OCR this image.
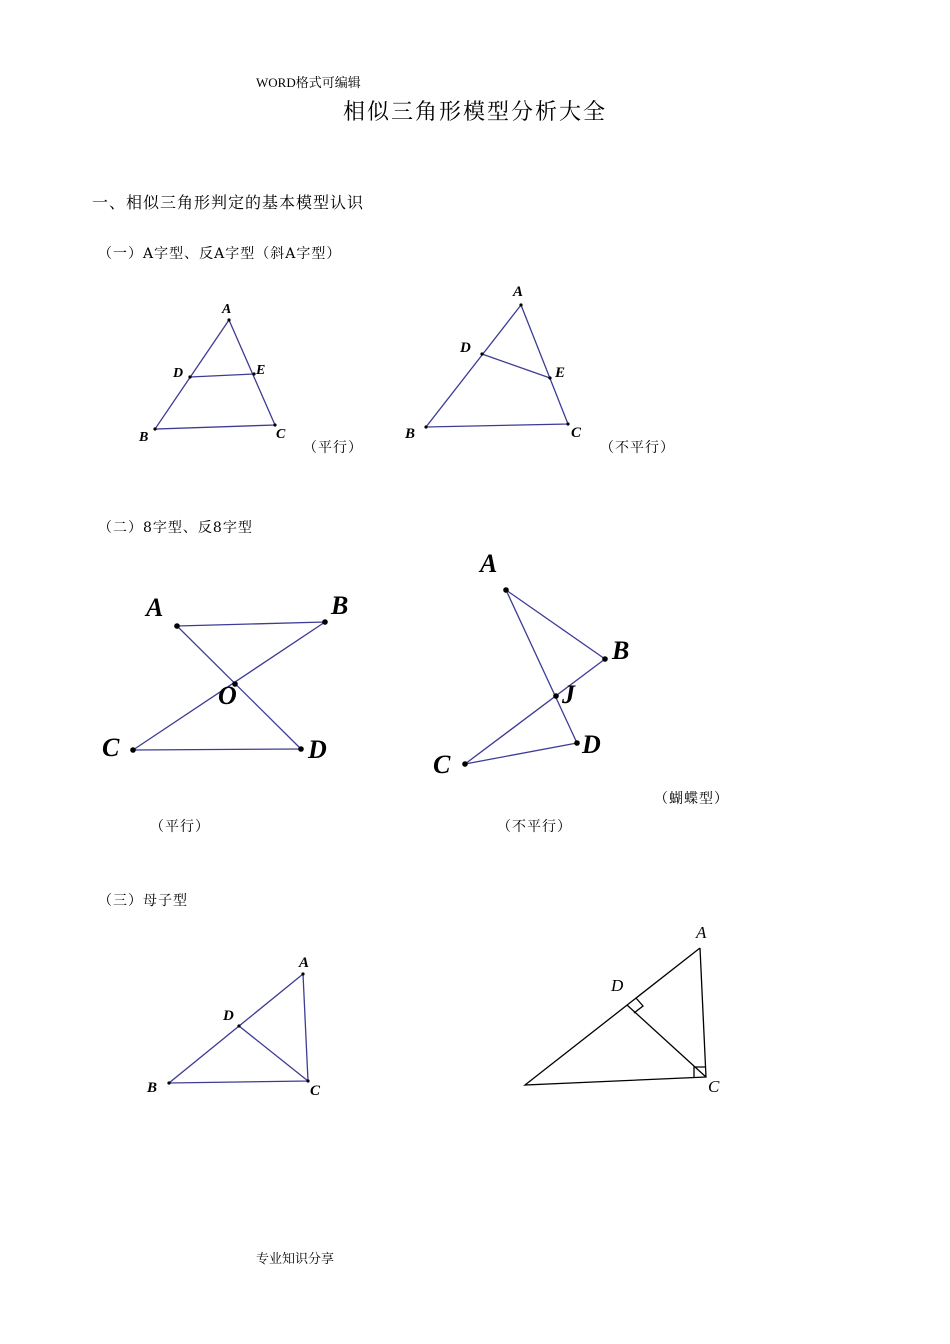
WORD格式可编辑
相似三角形模型分析大全
一、相似三角形判定的基本模型认识
（一）A字型、反A字型（斜A字型）
A
B	C
D	E
A
B	C
D
E
A	B
O
C	D
A
B
J
C
D
A
B	C
D
A
C
D
（平行）	（不平行）
（二）8字型、反8字型
（蝴蝶型）
（平行）	（不平行）
（三）母子型
专业知识分享
